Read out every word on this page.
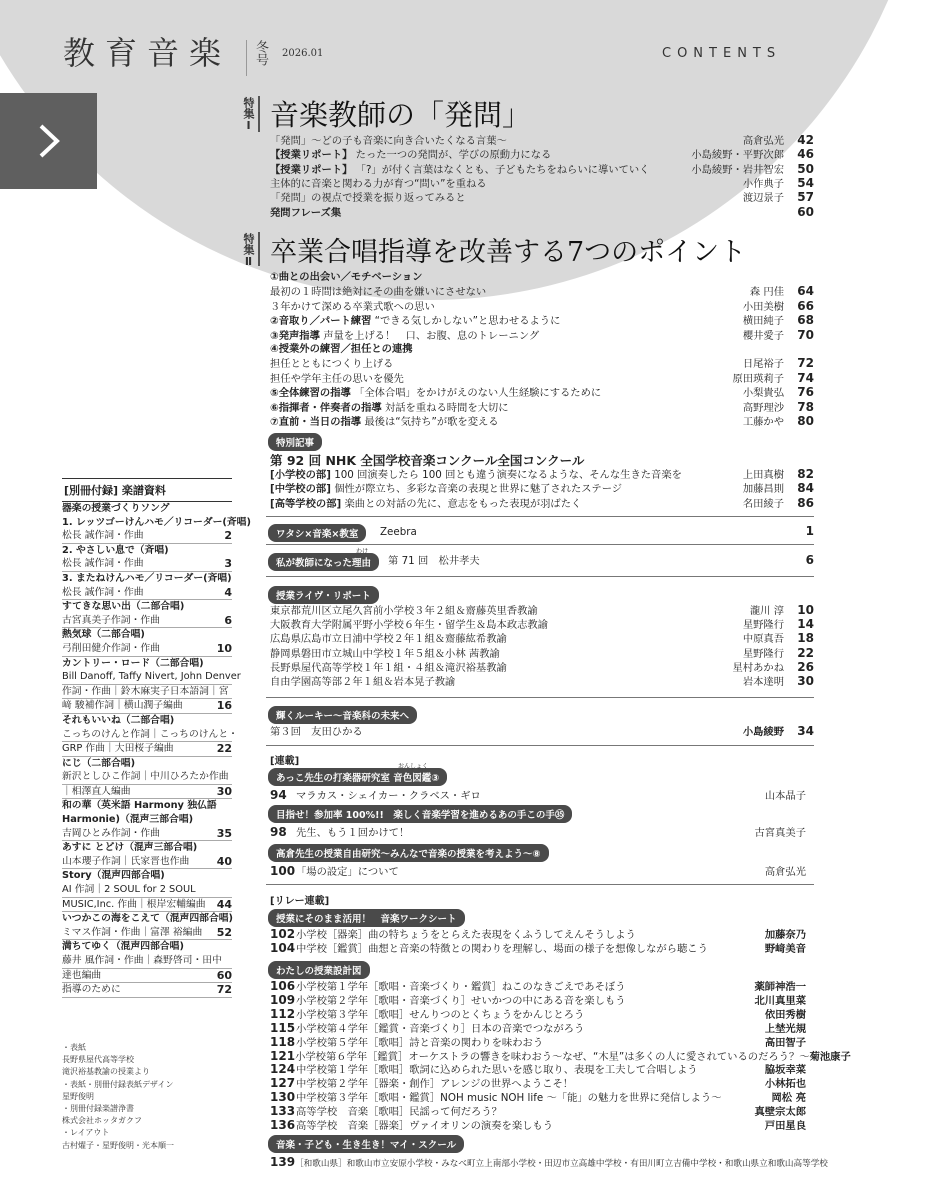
教育音楽	冬号 2026.01	CONTENTS
特集Ⅰ 音楽教師の「発問」
「発問」～どの子も音楽に向き合いたくなる言葉～	高倉弘光	42
【授業リポート】 たった一つの発問が、学びの原動力になる	小島綾野・平野次郎	46
【授業リポート】 「?」が付く言葉はなくとも、子どもたちをねらいに導いていく	小島綾野・岩井智宏	50
主体的に音楽と関わる力が育つ“問い”を重ねる	小作典子	54
「発問」の視点で授業を振り返ってみると	渡辺景子	57
発問フレーズ集	60
特集Ⅱ 卒業合唱指導を改善する7つのポイント
①曲との出会い／モチベーション
最初の１時間は絶対にその曲を嫌いにさせない	森 円佳	64
３年かけて深める卒業式歌への思い	小田美樹	66
②音取り／パート練習 “できる気しかしない”と思わせるように	横田純子	68
③発声指導 声量を上げる！　口、お腹、息のトレーニング	櫻井愛子	70
④授業外の練習／担任との連携
担任とともにつくり上げる	日尾裕子	72
担任や学年主任の思いを優先	原田瑛莉子	74
⑤全体練習の指導 「全体合唱」をかけがえのない人生経験にするために	小梨貴弘	76
⑥指揮者・伴奏者の指導 対話を重ねる時間を大切に	高野理沙	78
⑦直前・当日の指導 最後は“気持ち”が歌を変える	工藤かや	80
特別記事
第 92 回 NHK 全国学校音楽コンクール全国コンクール
[小学校の部] 100 回演奏したら 100 回とも違う演奏になるような、そんな生きた音楽を	上田真樹	82
[中学校の部] 個性が際立ち、多彩な音楽の表現と世界に魅了されたステージ	加藤昌則	84
[高等学校の部] 楽曲との対話の先に、意志をもった表現が羽ばたく	名田綾子	86
ワタシ×音楽×教室	Zeebra	1
私が教師になった理由
わけ
第 71 回　松井孝夫	6
授業ライヴ・リポート
東京都荒川区立尾久宮前小学校３年２組＆齋藤英里香教諭	瀧川 淳	10
大阪教育大学附属平野小学校６年生・留学生＆島本政志教諭	星野隆行	14
広島県広島市立日浦中学校２年１組＆齋藤紘希教諭	中原真吾	18
静岡県磐田市立城山中学校１年５組＆小林 茜教諭	星野隆行	22
長野県屋代高等学校１年１組・４組＆滝沢裕基教諭	星村あかね	26
自由学園高等部２年１組＆岩本晃子教諭	岩本達明	30
輝くルーキー～音楽科の未来へ
第３回　友田ひかる	小島綾野	34
[連載]
あっこ先生の打楽器研究室 音色図鑑③
おんしょく
94 マラカス・シェイカー・クラベス・ギロ	山本晶子
目指せ！参加率 100%!!　楽しく音楽学習を進めるあの手この手㉟
98 先生、もう１回かけて！	古宮真美子
高倉先生の授業自由研究～みんなで音楽の授業を考えよう～⑧
100 「場の設定」について	高倉弘光
[リレー連載]
授業にそのまま活用！　音楽ワークシート
102 小学校［器楽］曲の特ちょうをとらえた表現をくふうしてえんそうしよう	加藤奈乃
104 中学校［鑑賞］曲想と音楽の特徴との関わりを理解し、場面の様子を想像しながら聴こう	野﨑美音
わたしの授業設計図
106 小学校第１学年［歌唱・音楽づくり・鑑賞］ねこのなきごえであそぼう	薬師神浩一
109 小学校第２学年［歌唱・音楽づくり］せいかつの中にある音を楽しもう	北川真里菜
112 小学校第３学年［歌唱］せんりつのとくちょうをかんじとろう	依田秀樹
115 小学校第４学年［鑑賞・音楽づくり］日本の音楽でつながろう	上埜光規
118 小学校第５学年［歌唱］詩と音楽の関わりを味わおう	高田智子
121 小学校第６学年［鑑賞］オーケストラの響きを味わおう～なぜ、“木星”は多くの人に愛されているのだろう？～ 菊池康子
124 中学校第１学年［歌唱］歌詞に込められた思いを感じ取り、表現を工夫して合唱しよう	脇坂幸菜
127 中学校第２学年［器楽・創作］アレンジの世界へようこそ！	小林拓也
130 中学校第３学年［歌唱・鑑賞］NOH music NOH life ～「能」の魅力を世界に発信しよう～	岡松 亮
133 高等学校　音楽［歌唱］民謡って何だろう？	真壁宗太郎
136 高等学校　音楽［器楽］ヴァイオリンの演奏を楽しもう	戸田星良
音楽・子ども・生き生き！マイ・スクール
139 ［和歌山県］和歌山市立安原小学校・みなべ町立上南部小学校・田辺市立高雄中学校・有田川町立吉備中学校・和歌山県立和歌山高等学校
[別冊付録] 楽譜資料
器楽の授業づくりソング
1. レッツゴーけんハモ／リコーダー(斉唱)
松長 誠作詞・作曲	2
2. やさしい息で（斉唱)
松長 誠作詞・作曲	3
3. またねけんハモ／リコーダー(斉唱)
松長 誠作詞・作曲	4
すてきな思い出（二部合唱)
古宮真美子作詞・作曲	6
熱気球（二部合唱)
弓削田健介作詞・作曲	10
カントリー・ロード（二部合唱)
Bill Danoff, Taffy Nivert, John Denver
作詞・作曲｜鈴木麻実子日本語詞｜宮
﨑 駿補作詞｜横山潤子編曲	16
それもいいね（二部合唱)
こっちのけんと作詞｜こっちのけんと・
GRP 作曲｜大田桜子編曲	22
にじ（二部合唱)
新沢としひこ作詞｜中川ひろたか作曲
｜相澤直人編曲	30
和の華（英米語 Harmony 独仏語
Harmonie)（混声三部合唱)
吉岡ひとみ作詞・作曲	35
あすに とどけ（混声三部合唱)
山本瓔子作詞｜氏家晋也作曲	40
Story（混声四部合唱)
AI 作詞｜2 SOUL for 2 SOUL
MUSIC,Inc. 作曲｜根岸宏輔編曲	44
いつかこの海をこえて（混声四部合唱)
ミマス作詞・作曲｜富澤 裕編曲	52
満ちてゆく（混声四部合唱)
藤井 風作詞・作曲｜森野啓司・田中
達也編曲	60
指導のために	72
・表紙
長野県屋代高等学校
滝沢裕基教諭の授業より
・表紙・別冊付録表紙デザイン
星野俊明
・別冊付録楽譜浄書
株式会社ホッタガクフ
・レイアウト
古村燿子・星野俊明・光本順一
